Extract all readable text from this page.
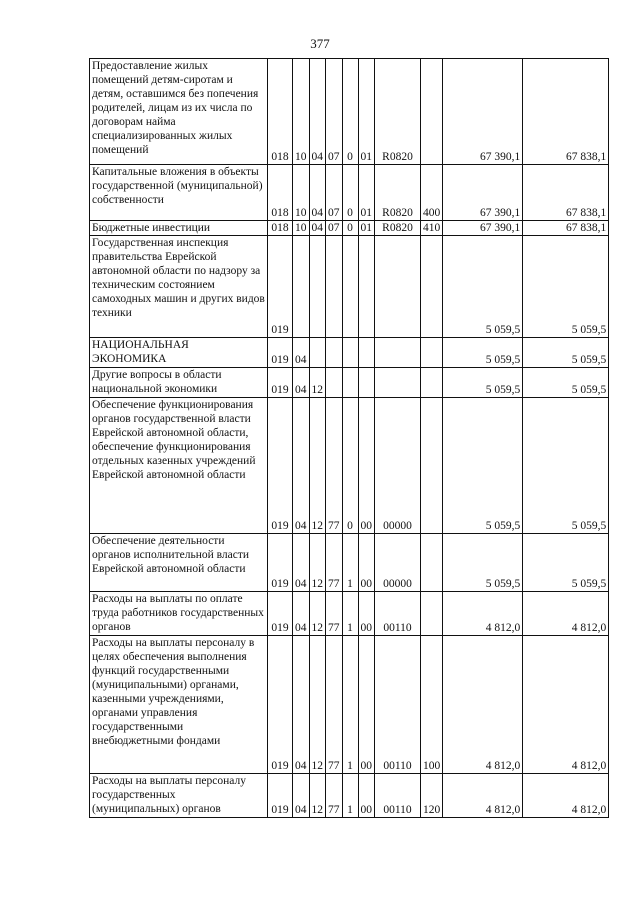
377
Предоставление жилых помещений детям-сиротам и детям, оставшимся без попечения родителей, лицам из их числа по договорам найма специализированных жилых помещений	018	10	04	07	0	01	R0820		67 390,1	67 838,1
Капитальные вложения в объекты государственной (муниципальной) собственности	018	10	04	07	0	01	R0820	400	67 390,1	67 838,1
Бюджетные инвестиции	018	10	04	07	0	01	R0820	410	67 390,1	67 838,1
Государственная инспекция правительства Еврейской автономной области по надзору за техническим состоянием самоходных машин и других видов техники	019								5 059,5	5 059,5
НАЦИОНАЛЬНАЯ ЭКОНОМИКА	019	04							5 059,5	5 059,5
Другие вопросы в области национальной экономики	019	04	12						5 059,5	5 059,5
Обеспечение функционирования органов государственной власти Еврейской автономной области, обеспечение функционирования отдельных казенных учреждений Еврейской автономной области	019	04	12	77	0	00	00000		5 059,5	5 059,5
Обеспечение деятельности органов исполнительной власти Еврейской автономной области	019	04	12	77	1	00	00000		5 059,5	5 059,5
Расходы на выплаты по оплате труда работников государственных органов	019	04	12	77	1	00	00110		4 812,0	4 812,0
Расходы на выплаты персоналу в целях обеспечения выполнения функций государственными (муниципальными) органами, казенными учреждениями, органами управления государственными внебюджетными фондами	019	04	12	77	1	00	00110	100	4 812,0	4 812,0
Расходы на выплаты персоналу государственных (муниципальных) органов	019	04	12	77	1	00	00110	120	4 812,0	4 812,0
